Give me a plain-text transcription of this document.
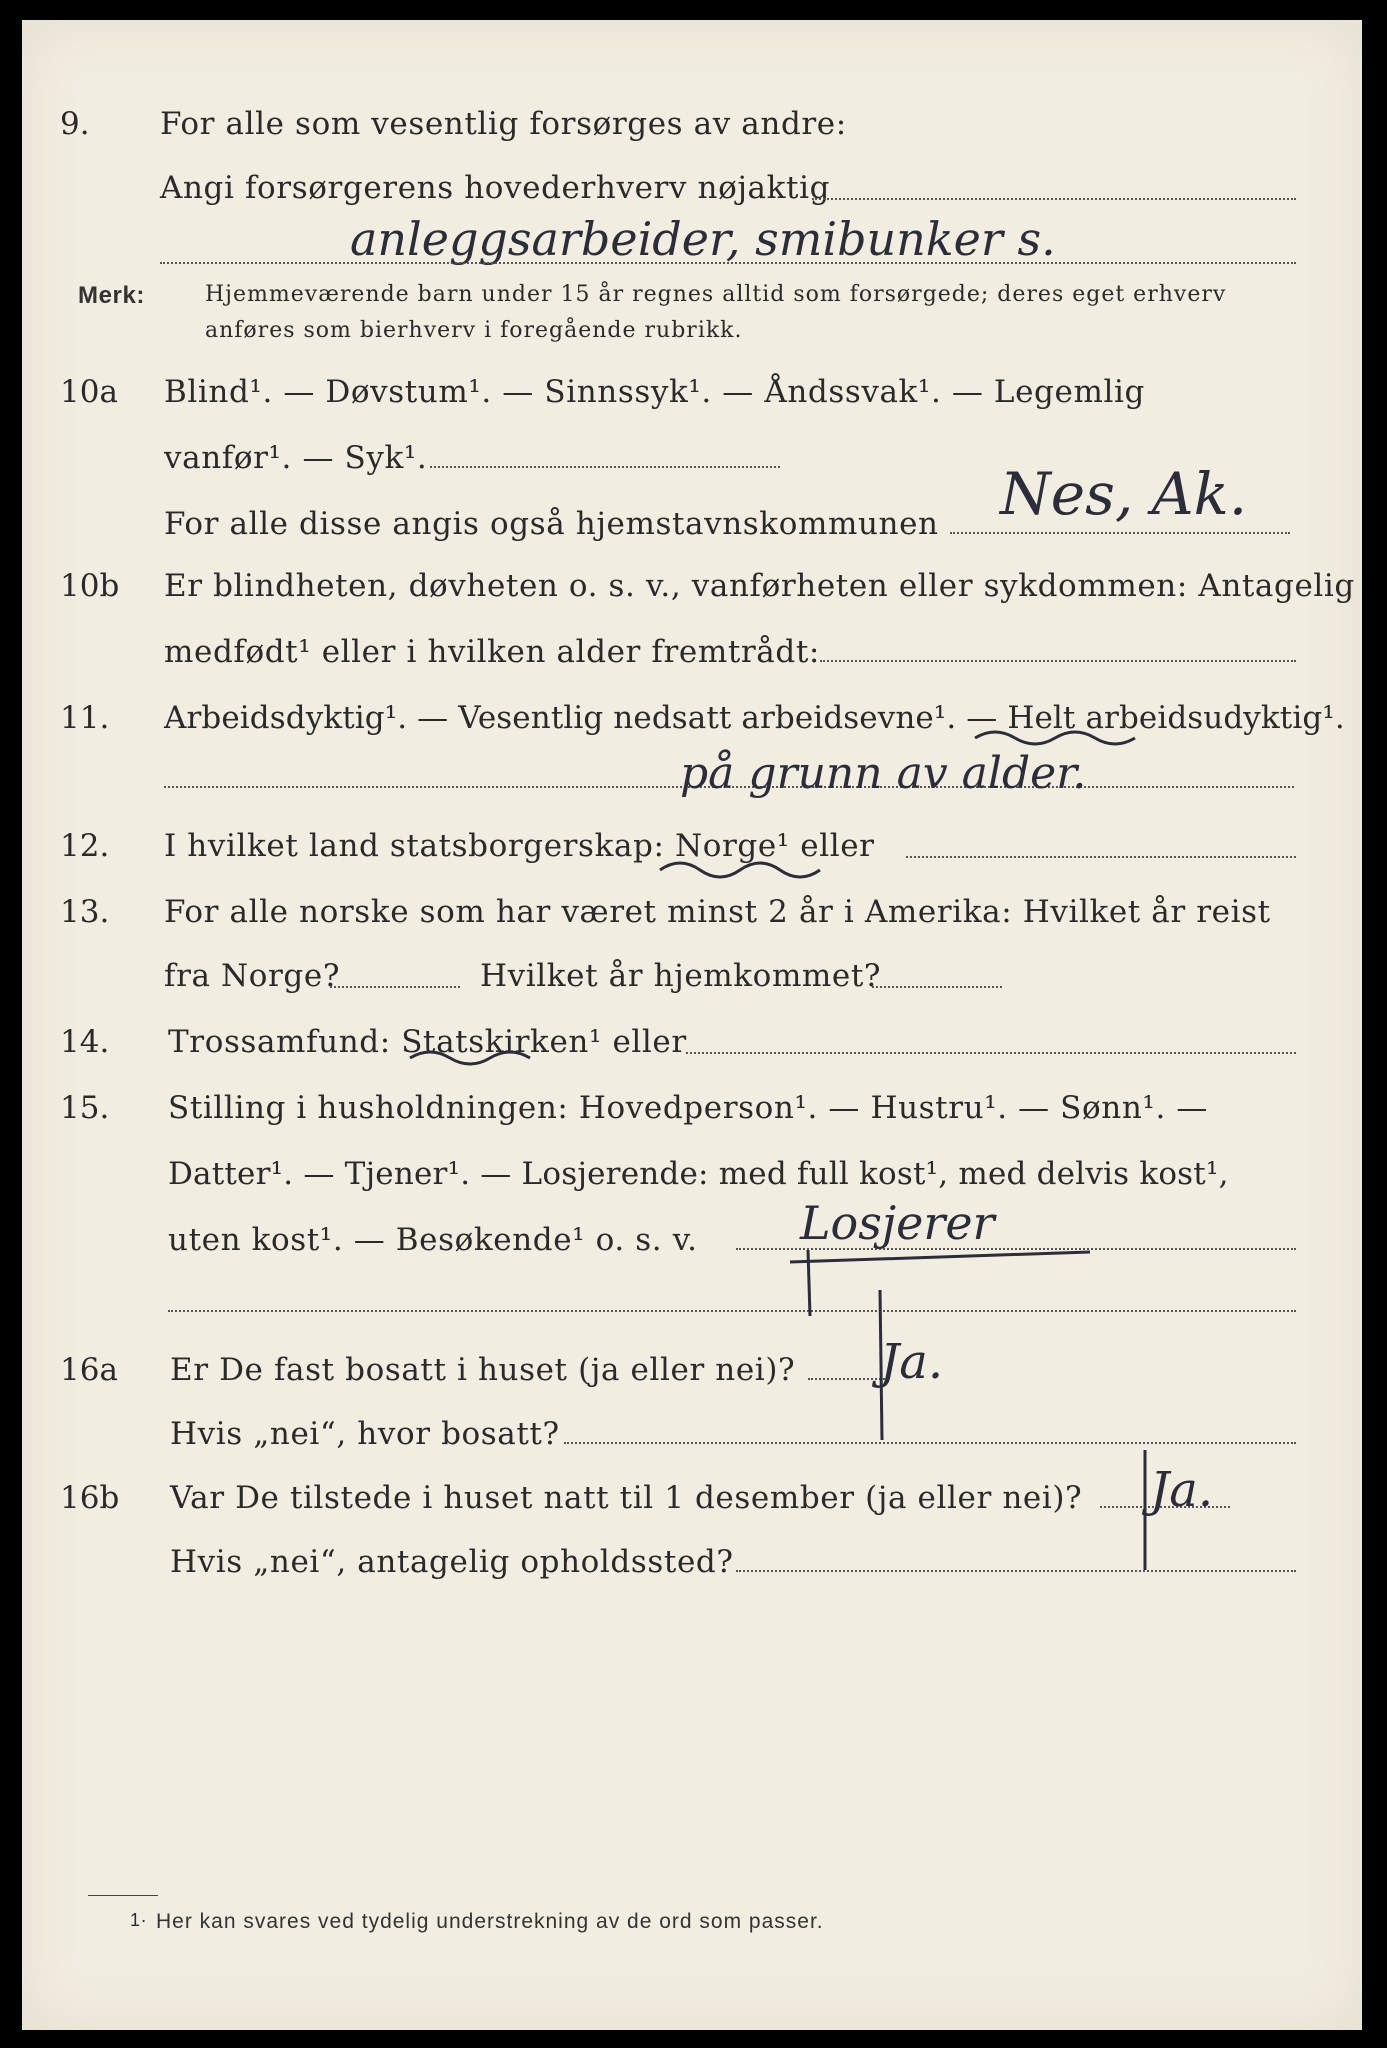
9. For alle som vesentlig forsørges av andre:
Angi forsørgerens hovederhverv nøjaktig
anleggsarbeider, smibunker s.
Merk:	Hjemmeværende barn under 15 år regnes alltid som forsørgede; deres eget erhverv
anføres som bierhverv i foregående rubrikk.
10a Blind¹. — Døvstum¹. — Sinnssyk¹. — Åndssvak¹. — Legemlig
vanfør¹. — Syk¹.
For alle disse angis også hjemstavnskommunen Nes, Ak.
10b Er blindheten, døvheten o. s. v., vanførheten eller sykdommen: Antagelig
medfødt¹ eller i hvilken alder fremtrådt:
11. Arbeidsdyktig¹. — Vesentlig nedsatt arbeidsevne¹. — Helt arbeidsudyktig¹.
på grunn av alder.
12. I hvilket land statsborgerskap: Norge¹ eller
13. For alle norske som har været minst 2 år i Amerika: Hvilket år reist
fra Norge?	Hvilket år hjemkommet?
14. Trossamfund: Statskirken¹ eller
15. Stilling i husholdningen: Hovedperson¹. — Hustru¹. — Sønn¹. —
Datter¹. — Tjener¹. — Losjerende: med full kost¹, med delvis kost¹,
uten kost¹. — Besøkende¹ o. s. v. Losjerer
16a Er De fast bosatt i huset (ja eller nei)? Ja.
Hvis „nei“, hvor bosatt?
16b Var De tilstede i huset natt til 1 desember (ja eller nei)? Ja.
Hvis „nei“, antagelig opholdssted?
1· Her kan svares ved tydelig understrekning av de ord som passer.
